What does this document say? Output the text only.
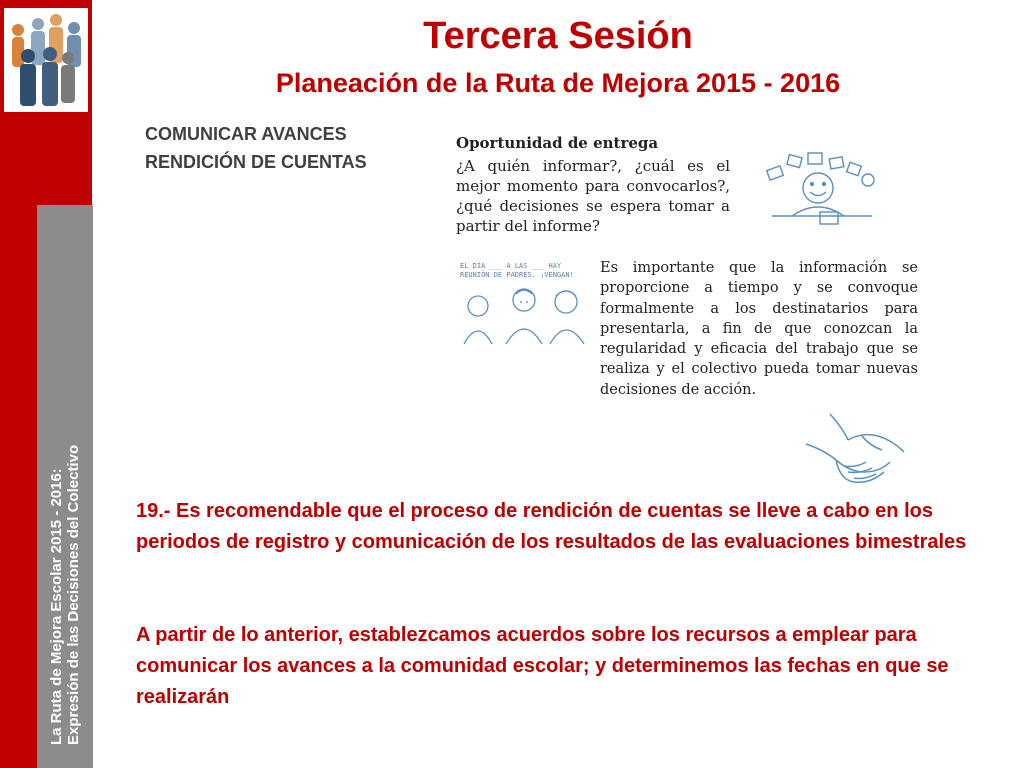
La Ruta de Mejora Escolar 2015 - 2016: Expresión de las Decisiones del Colectivo
Tercera Sesión
Planeación de la Ruta de Mejora 2015 - 2016
COMUNICAR AVANCES
RENDICIÓN DE CUENTAS
Oportunidad de entrega
¿A quién informar?, ¿cuál es el mejor momento para convocarlos?, ¿qué decisiones se espera tomar a partir del informe?
EL DÍA ___ A LAS ___ HAY REUNIÓN DE PADRES. ¡VENGAN!	Es importante que la información se proporcione a tiempo y se convoque formalmente a los destinatarios para presentarla, a fin de que conozcan la regularidad y eficacia del trabajo que se realiza y el colectivo pueda tomar nuevas decisiones de acción.
19.- Es recomendable que el proceso de rendición de cuentas se lleve a cabo en los periodos de registro y comunicación de los resultados de las evaluaciones bimestrales
A partir de lo anterior, establezcamos acuerdos sobre los recursos a emplear para comunicar los avances a la comunidad escolar; y determinemos las fechas en que se realizarán
